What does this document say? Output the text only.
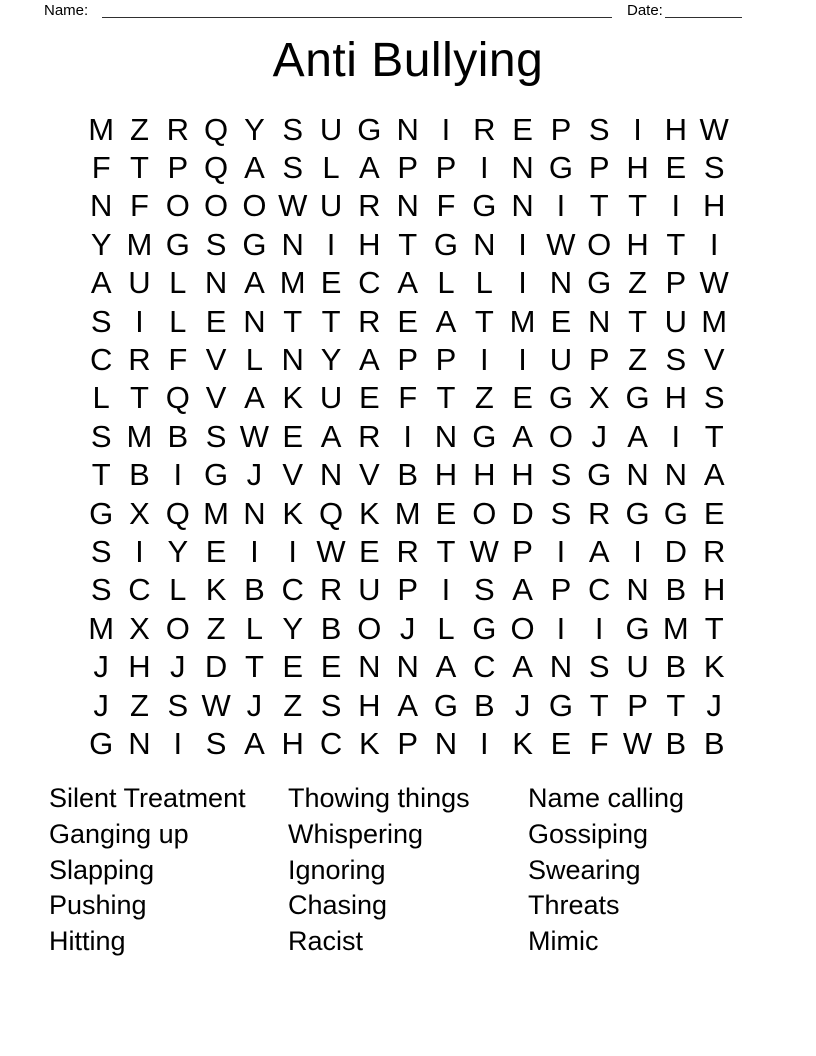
Name:	Date:
Anti Bullying
M Z R Q Y S U G N I R E P S I H W
F T P Q A S L A P P I N G P H E S
N F O O O W U R N F G N I T T I H
Y M G S G N I H T G N I W O H T I
A U L N A M E C A L L I N G Z P W
S I L E N T T R E A T M E N T U M
C R F V L N Y A P P I I U P Z S V
L T Q V A K U E F T Z E G X G H S
S M B S W E A R I N G A O J A I T
T B I G J V N V B H H H S G N N A
G X Q M N K Q K M E O D S R G G E
S I Y E I I W E R T W P I A I D R
S C L K B C R U P I S A P C N B H
M X O Z L Y B O J L G O I I G M T
J H J D T E E N N A C A N S U B K
J Z S W J Z S H A G B J G T P T J
G N I S A H C K P N I K E F W B B
Silent Treatment
Ganging up
Slapping
Pushing
Hitting
Thowing things
Whispering
Ignoring
Chasing
Racist
Name calling
Gossiping
Swearing
Threats
Mimic
